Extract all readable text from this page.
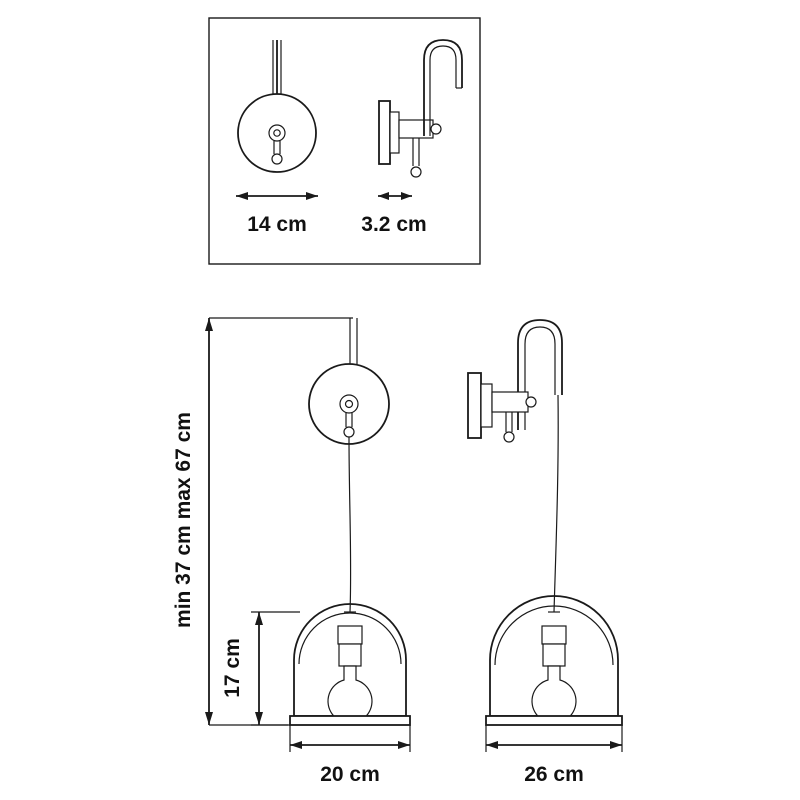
14 cm	3.2 cm
min 37 cm max 67 cm
17 cm
20 cm	26 cm
